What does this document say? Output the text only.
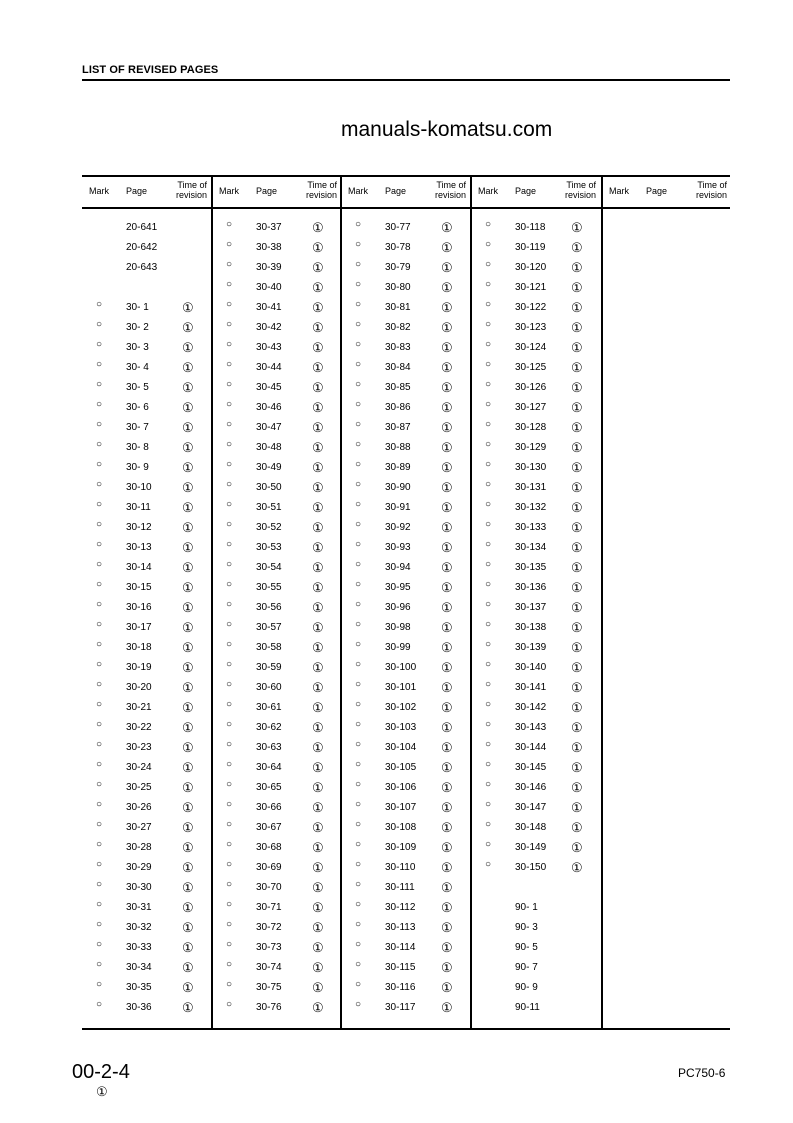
LIST OF REVISED PAGES
manuals-komatsu.com
Mark Page
Time of revision
20-641
20-642
20-643
○ 30- 1	①
○ 30- 2	①
○ 30- 3	①
○ 30- 4	①
○ 30- 5	①
○ 30- 6	①
○ 30- 7	①
○ 30- 8	①
○ 30- 9	①
○ 30-10 ①
○ 30-11 ①
○ 30-12 ①
○ 30-13 ①
○ 30-14 ①
○ 30-15 ①
○ 30-16 ①
○ 30-17 ①
○ 30-18 ①
○ 30-19 ①
○ 30-20 ①
○ 30-21 ①
○ 30-22 ①
○ 30-23 ①
○ 30-24 ①
○ 30-25 ①
○ 30-26 ①
○ 30-27 ①
○ 30-28 ①
○ 30-29 ①
○ 30-30 ①
○ 30-31 ①
○ 30-32 ①
○ 30-33 ①
○ 30-34 ①
○ 30-35 ①
○ 30-36 ①
Mark Page
Time of revision
○ 30-37 ①
○ 30-38 ①
○ 30-39 ①
○ 30-40 ①
○ 30-41 ①
○ 30-42 ①
○ 30-43 ①
○ 30-44 ①
○ 30-45 ①
○ 30-46 ①
○ 30-47 ①
○ 30-48 ①
○ 30-49 ①
○ 30-50 ①
○ 30-51 ①
○ 30-52 ①
○ 30-53 ①
○ 30-54 ①
○ 30-55 ①
○ 30-56 ①
○ 30-57 ①
○ 30-58 ①
○ 30-59 ①
○ 30-60 ①
○ 30-61 ①
○ 30-62 ①
○ 30-63 ①
○ 30-64 ①
○ 30-65 ①
○ 30-66 ①
○ 30-67 ①
○ 30-68 ①
○ 30-69 ①
○ 30-70 ①
○ 30-71 ①
○ 30-72 ①
○ 30-73 ①
○ 30-74 ①
○ 30-75 ①
○ 30-76 ①
Mark Page
Time of revision
○ 30-77 ①
○ 30-78 ①
○ 30-79 ①
○ 30-80 ①
○ 30-81 ①
○ 30-82 ①
○ 30-83 ①
○ 30-84 ①
○ 30-85 ①
○ 30-86 ①
○ 30-87 ①
○ 30-88 ①
○ 30-89 ①
○ 30-90 ①
○ 30-91 ①
○ 30-92 ①
○ 30-93 ①
○ 30-94 ①
○ 30-95 ①
○ 30-96 ①
○ 30-98 ①
○ 30-99 ①
○ 30-100 ①
○ 30-101 ①
○ 30-102 ①
○ 30-103 ①
○ 30-104 ①
○ 30-105 ①
○ 30-106 ①
○ 30-107 ①
○ 30-108 ①
○ 30-109 ①
○ 30-110 ①
○ 30-111 ①
○ 30-112 ①
○ 30-113 ①
○ 30-114 ①
○ 30-115 ①
○ 30-116 ①
○ 30-117 ①
Mark Page
Time of revision
○ 30-118 ①
○ 30-119 ①
○ 30-120 ①
○ 30-121 ①
○ 30-122 ①
○ 30-123 ①
○ 30-124 ①
○ 30-125 ①
○ 30-126 ①
○ 30-127 ①
○ 30-128 ①
○ 30-129 ①
○ 30-130 ①
○ 30-131 ①
○ 30-132 ①
○ 30-133 ①
○ 30-134 ①
○ 30-135 ①
○ 30-136 ①
○ 30-137 ①
○ 30-138 ①
○ 30-139 ①
○ 30-140 ①
○ 30-141 ①
○ 30-142 ①
○ 30-143 ①
○ 30-144 ①
○ 30-145 ①
○ 30-146 ①
○ 30-147 ①
○ 30-148 ①
○ 30-149 ①
○ 30-150 ①
90- 1
90- 3
90- 5
90- 7
90- 9
90-11
Mark Page
Time of revision
00-2-4
①
PC750-6
